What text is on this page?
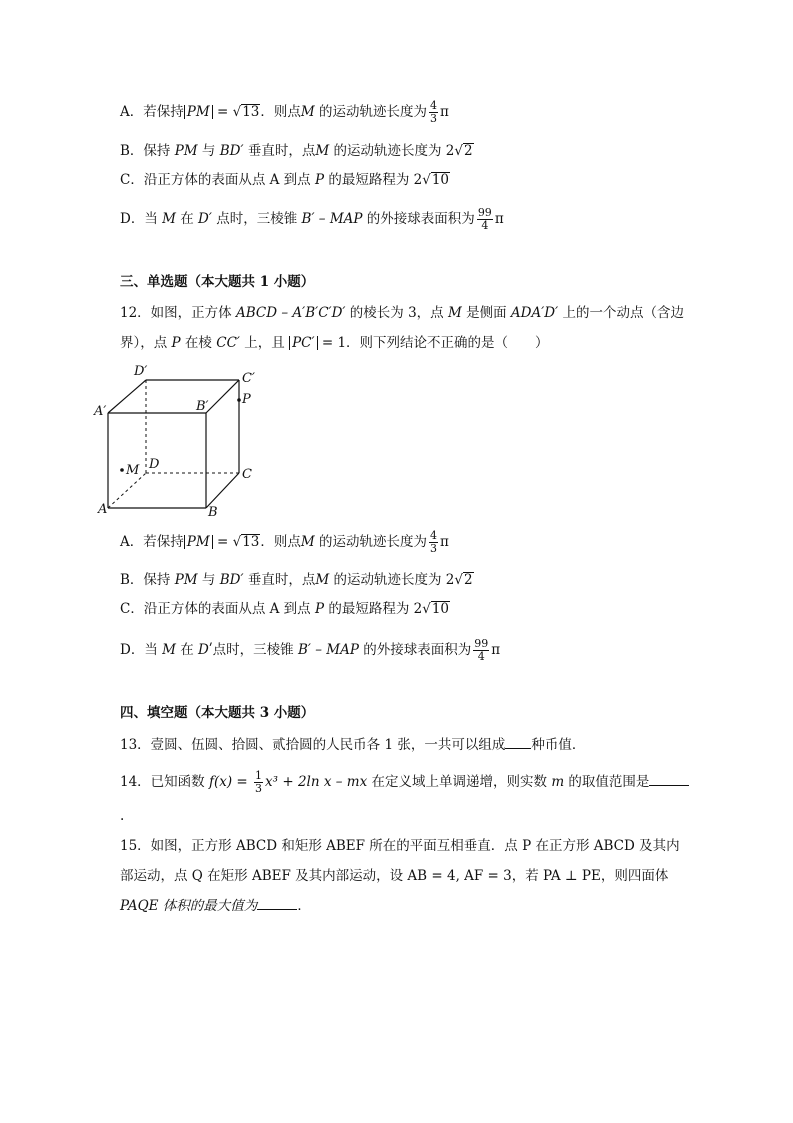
A．若保持 PM = √13．则点M 的运动轨迹长度为 $\frac{4}{3}$ π
B．保持 PM 与 BD′ 垂直时，点M 的运动轨迹长度为 2√2
C．沿正方体的表面从点 A 到点 P 的最短路程为 2√10
D．当 M 在 D′ 点时，三棱锥 B′ – MAP 的外接球表面积为 $\frac{99}{4}$ π
三、单选题（本大题共 1 小题）
12．如图，正方体 ABCD – A′B′C′D′ 的棱长为 3，点 M 是侧面 ADA′D′ 上的一个动点（含边
界），点 P 在棱 CC′ 上，且 PC′ = 1．则下列结论不正确的是（　　）
D′	C′
A′	B′	P
M D
C
A	B
A．若保持 PM = √13．则点M 的运动轨迹长度为 $\frac{4}{3}$ π
B．保持 PM 与 BD′ 垂直时，点M 的运动轨迹长度为 2√2
C．沿正方体的表面从点 A 到点 P 的最短路程为 2√10
D．当 M 在 Dʹ点时，三棱锥 B′ – MAP 的外接球表面积为 $\frac{99}{4}$ π
四、填空题（本大题共 3 小题）
13．壹圆、伍圆、拾圆、贰拾圆的人民币各 1 张，一共可以组成 种币值．
14．已知函数 $f(x) = \frac{1}{3} x^3 + 2\ln$ x – mx 在定义域上单调递增，则实数 m 的取值范围是
.
15．如图，正方形 ABCD 和矩形 ABEF 所在的平面互相垂直．点 P 在正方形 ABCD 及其内
部运动，点 Q 在矩形 ABEF 及其内部运动，设 AB = 4, AF = 3，若 PA ⊥ PE，则四面体
PAQE 体积的最大值为	．
